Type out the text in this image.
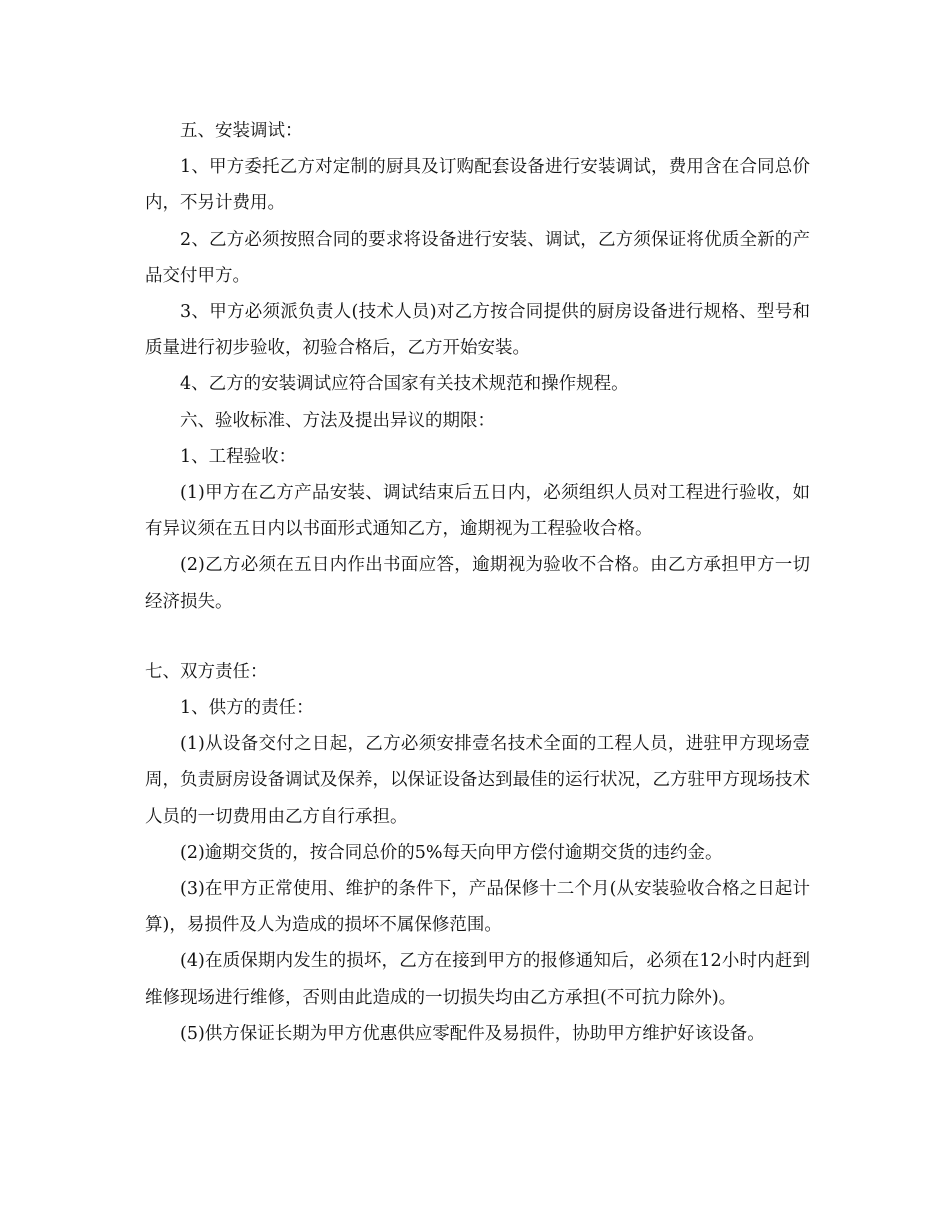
五、安装调试：

1、甲方委托乙方对定制的厨具及订购配套设备进行安装调试，费用含在合同总价内，不另计费用。

2、乙方必须按照合同的要求将设备进行安装、调试，乙方须保证将优质全新的产品交付甲方。

3、甲方必须派负责人(技术人员)对乙方按合同提供的厨房设备进行规格、型号和质量进行初步验收，初验合格后，乙方开始安装。

4、乙方的安装调试应符合国家有关技术规范和操作规程。

六、验收标准、方法及提出异议的期限：

1、工程验收：

(1)甲方在乙方产品安装、调试结束后五日内，必须组织人员对工程进行验收，如有异议须在五日内以书面形式通知乙方，逾期视为工程验收合格。

(2)乙方必须在五日内作出书面应答，逾期视为验收不合格。由乙方承担甲方一切经济损失。

七、双方责任：

1、供方的责任：

(1)从设备交付之日起，乙方必须安排壹名技术全面的工程人员，进驻甲方现场壹周，负责厨房设备调试及保养，以保证设备达到最佳的运行状况，乙方驻甲方现场技术人员的一切费用由乙方自行承担。

(2)逾期交货的，按合同总价的5%每天向甲方偿付逾期交货的违约金。

(3)在甲方正常使用、维护的条件下，产品保修十二个月(从安装验收合格之日起计算)，易损件及人为造成的损坏不属保修范围。

(4)在质保期内发生的损坏，乙方在接到甲方的报修通知后，必须在12小时内赶到维修现场进行维修，否则由此造成的一切损失均由乙方承担(不可抗力除外)。

(5)供方保证长期为甲方优惠供应零配件及易损件，协助甲方维护好该设备。
